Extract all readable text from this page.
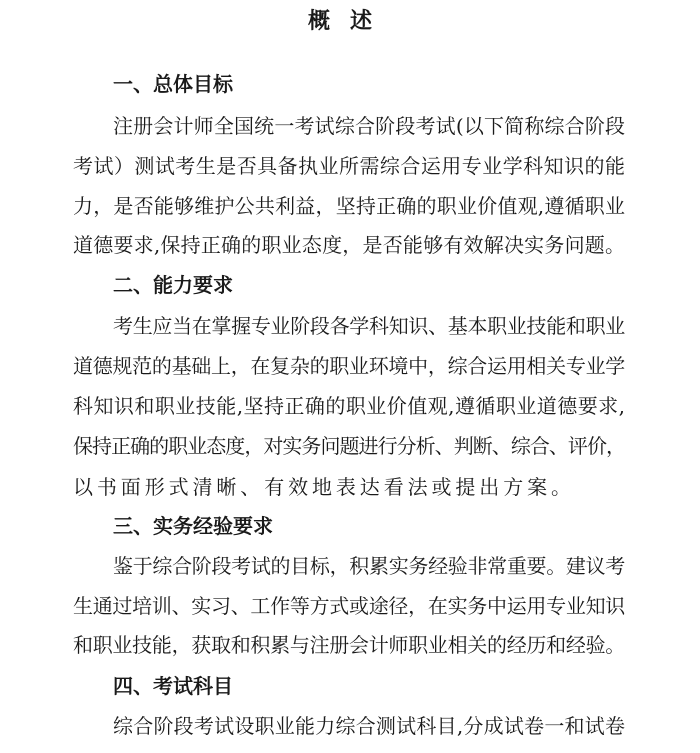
概述
一、总体目标
注册会计师全国统一考试综合阶段考试(以下简称综合阶段
考试）测试考生是否具备执业所需综合运用专业学科知识的能
力，是否能够维护公共利益，坚持正确的职业价值观,遵循职业
道德要求,保持正确的职业态度，是否能够有效解决实务问题。
二、能力要求
考生应当在掌握专业阶段各学科知识、基本职业技能和职业
道德规范的基础上，在复杂的职业环境中，综合运用相关专业学
科知识和职业技能,坚持正确的职业价值观,遵循职业道德要求,
保持正确的职业态度，对实务问题进行分析、判断、综合、评价，
以书面形式清晰、有效地表达看法或提出方案。
三、实务经验要求
鉴于综合阶段考试的目标，积累实务经验非常重要。建议考
生通过培训、实习、工作等方式或途径，在实务中运用专业知识
和职业技能，获取和积累与注册会计师职业相关的经历和经验。
四、考试科目
综合阶段考试设职业能力综合测试科目,分成试卷一和试卷
